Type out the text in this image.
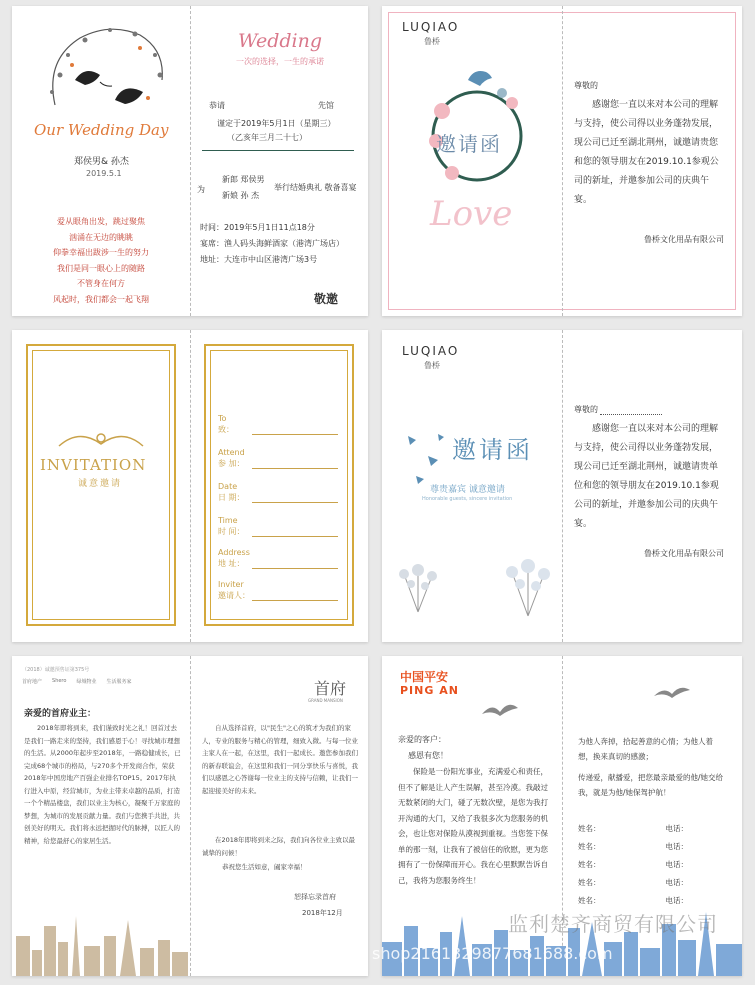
Our Wedding Day
郑侯男& 孙杰
2019.5.1
爱从眼角出发，跳过聚焦
汹涌在无边的眺眺
仰拳幸福出跋涉一生的努力
我们是同一眼心上的随路
不管身在何方
风起时，我们都会一起飞翔
Wedding
一次的选择，一生的承诺
恭请	先馆
谨定于2019年5月1日（星期三）
（乙亥年三月二十七）
为
新郎 郑侯男
新娘 孙 杰
举行结婚典礼 敬备喜宴
时间：2019年5月1日11点18分
宴席：渔人码头海鲜酒家（港湾广场店）
地址：大连市中山区港湾广场3号
敬邀
LUQIAO
鲁桥
邀请函
Love
尊敬的
感谢您一直以来对本公司的理解与支持，使公司得以业务蓬勃发展，现公司已迁至湖北荆州，诚邀请贵您和您的领导朋友在2019.10.1参观公司的新址，并邀参加公司的庆典午宴。
鲁桥文化用品有限公司
INVITATION
诚意邀请
To
致：
Attend
参 加：
Date
日 期：
Time
时 间：
Address
地 址：
Inviter
邀请人：
LUQIAO
鲁桥
邀请函
尊贵嘉宾 诚意邀请
Honorable guests, sincere invitation
尊敬的
感谢您一直以来对本公司的理解与支持，使公司得以业务蓬勃发展，现公司已迁至湖北荆州，诚邀请贵单位和您的领导朋友在2019.10.1参观公司的新址，并邀参加公司的庆典午宴。
鲁桥文化用品有限公司
（2018）诚邀预售证第375号
首府地产 Shero 绿城物业 生活服务家
亲爱的首府业主：
2018年即将到来，我们谨致时光之礼！回首过去是我们一路走来的坚持，我们感恩于心！寻找城市理想的生活。从2000年起步至2018年，一路稳健成长，已完成68个城市的格局，与270多个开发商合作，荣获2018年中国房地产百强企业排名TOP15。2017年执行进入中原，经营城市，为业主带来卓越的品质，打造一个个精品楼盘，我们以业主为核心，凝聚千万家庭的梦想，为城市的发展贡献力量。我们与您携手共进，共创美好的明天。我们将永远把握时代的脉搏，以匠人的精神，给您最舒心的家居生活。
首府
GRAND MANSION
自从选择首府，以"民生"之心的筑才为我们的家人，专业的服务与精心的管理，细致入微。与每一位业主家人在一起，在这里，我们一起成长。邀您参加我们的新春联谊会，在这里和我们一同分享快乐与喜悦，我们以感恩之心答谢每一位业主的支持与信赖，让我们一起迎接美好的未来。
在2018年即将到来之际，我们向各位业主致以最诚挚的问候！
恭祝您生活如意，阖家幸福！
恕择忘录首府
2018年12月
中国平安
PING AN
亲爱的客户：
感恩有您！
保险是一份阳光事业，充满爱心和责任，但不了解是让人产生误解，甚至冷漠。我敲过无数紧闭的大门，碰了无数次壁，是您为我打开沟通的大门，又给了我很多次为您服务的机会，也让您对保险从漠视到重视。当您签下保单的那一刻，让我有了被信任的欣慰，更为您拥有了一份保障而开心。我在心里默默告诉自己，我将为您服务终生！
为他人奔掉，拾起善意的心情；为他人着想，换来真切的感激；
传递爱，献播爱，把您最亲最爱的他/她交给我，就是为他/她保驾护航！
姓名：	电话：
姓名：	电话：
姓名：	电话：
姓名：	电话：
姓名：	电话：
监利楚齐商贸有限公司
shop2161329877681688.com
